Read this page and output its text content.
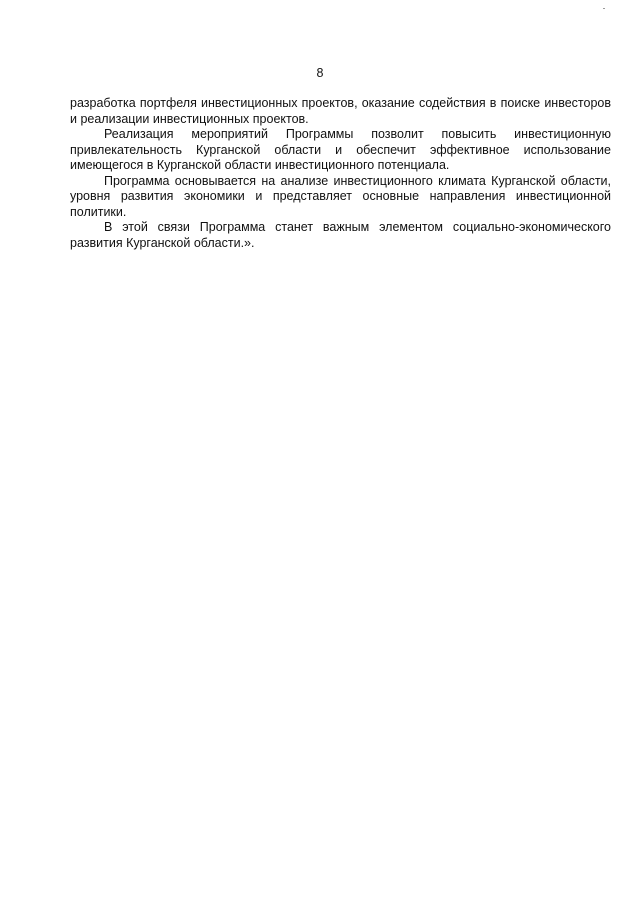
8

разработка портфеля инвестиционных проектов, оказание содействия в поиске инвесторов и реализации инвестиционных проектов.

Реализация мероприятий Программы позволит повысить инвестиционную привлекательность Курганской области и обеспечит эффективное использование имеющегося в Курганской области инвестиционного потенциала.

Программа основывается на анализе инвестиционного климата Курганской области, уровня развития экономики и представляет основные направления инвестиционной политики.

В этой связи Программа станет важным элементом социально-экономического развития Курганской области.».
